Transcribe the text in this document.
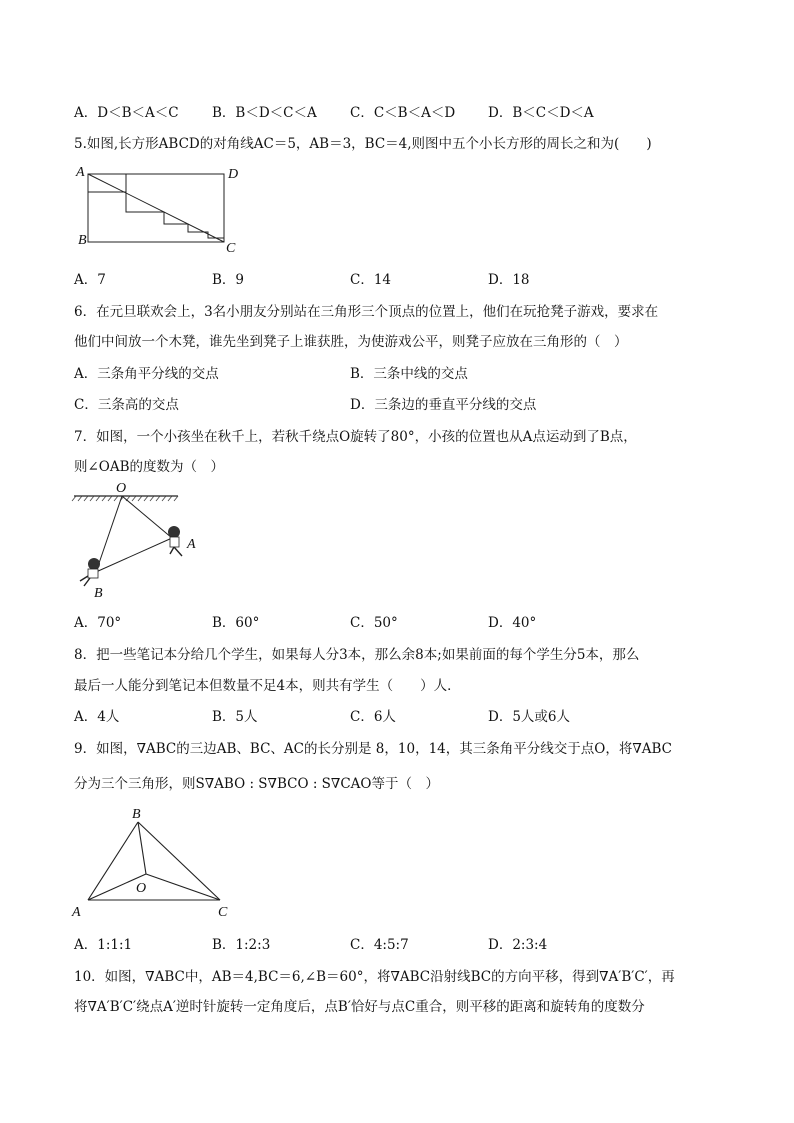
A．D＜B＜A＜C B．B＜D＜C＜A C．C＜B＜A＜D D．B＜C＜D＜A
5.如图,长方形ABCD的对角线AC＝5，AB＝3，BC＝4,则图中五个小长方形的周长之和为(　　)
A	D
B
C
A．7	B．9	C．14	D．18
6．在元旦联欢会上，3名小朋友分别站在三角形三个顶点的位置上，他们在玩抢凳子游戏，要求在
他们中间放一个木凳，谁先坐到凳子上谁获胜，为使游戏公平，则凳子应放在三角形的（　）
A．三条角平分线的交点	B．三条中线的交点
C．三条高的交点	D．三条边的垂直平分线的交点
7．如图，一个小孩坐在秋千上，若秋千绕点O旋转了80°，小孩的位置也从A点运动到了B点，
则∠OAB的度数为（　）
O
A
B
A．70°	B．60°	C．50°	D．40°
8．把一些笔记本分给几个学生，如果每人分3本，那么余8本;如果前面的每个学生分5本，那么
最后一人能分到笔记本但数量不足4本，则共有学生（　　）人．
A．4人	B．5人	C．6人	D．5人或6人
9．如图，∇ABC的三边AB、BC、AC的长分别是 8，10，14，其三条角平分线交于点O，将∇ABC
分为三个三角形，则S∇ABO : S∇BCO : S∇CAO等于（　）
B
O
A	C
A．1:1:1	B．1:2:3	C．4:5:7	D．2:3:4
10．如图，∇ABC中，AB＝4,BC＝6,∠B＝60°，将∇ABC沿射线BC的方向平移，得到∇A′B′C′，再
将∇A′B′C′绕点A′逆时针旋转一定角度后，点B′恰好与点C重合，则平移的距离和旋转角的度数分
